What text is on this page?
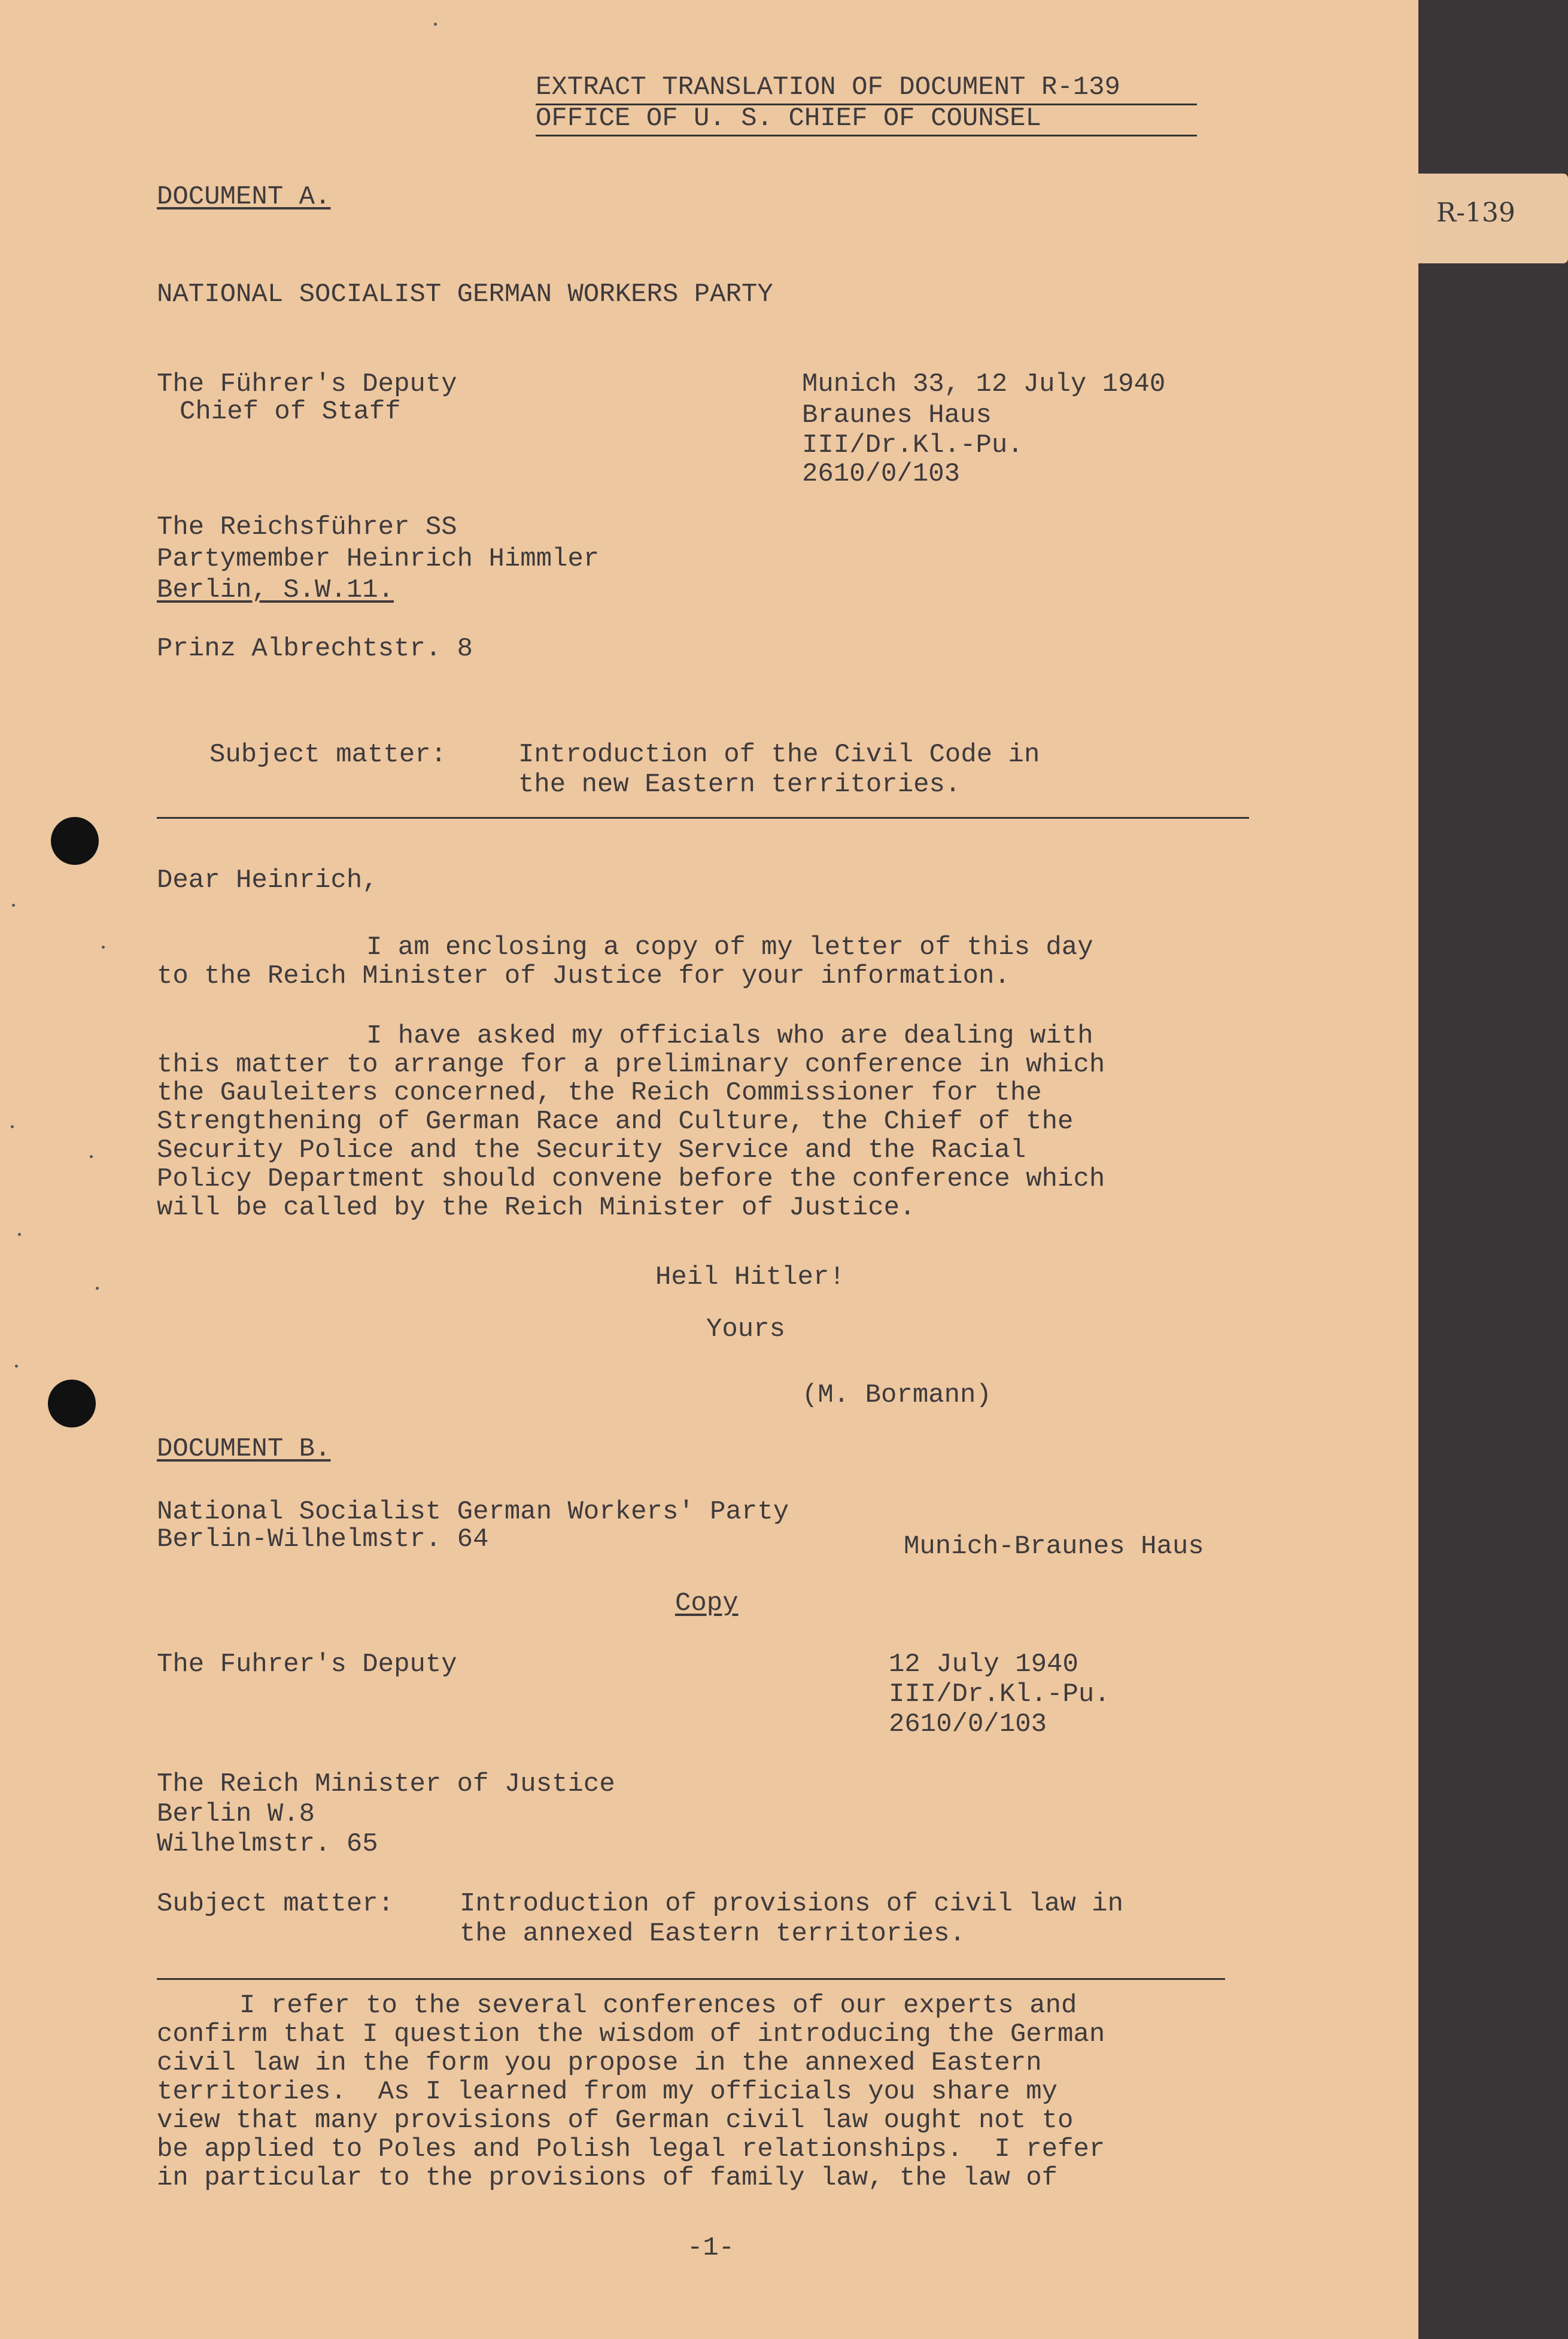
R-139
EXTRACT TRANSLATION OF DOCUMENT R-139
OFFICE OF U. S. CHIEF OF COUNSEL
DOCUMENT A.
NATIONAL SOCIALIST GERMAN WORKERS PARTY
The Führer's Deputy
Chief of Staff
Munich 33, 12 July 1940
Braunes Haus
III/Dr.Kl.-Pu.
2610/0/103
The Reichsführer SS
Partymember Heinrich Himmler
Berlin, S.W.11.
Prinz Albrechtstr. 8
Subject matter:	Introduction of the Civil Code in
the new Eastern territories.
Dear Heinrich,
I am enclosing a copy of my letter of this day
to the Reich Minister of Justice for your information.
I have asked my officials who are dealing with
this matter to arrange for a preliminary conference in which
the Gauleiters concerned, the Reich Commissioner for the
Strengthening of German Race and Culture, the Chief of the
Security Police and the Security Service and the Racial
Policy Department should convene before the conference which
will be called by the Reich Minister of Justice.
Heil Hitler!
Yours
(M. Bormann)
DOCUMENT B.
National Socialist German Workers' Party
Berlin-Wilhelmstr. 64	Munich-Braunes Haus
Copy
The Fuhrer's Deputy	12 July 1940
III/Dr.Kl.-Pu.
2610/0/103
The Reich Minister of Justice
Berlin W.8
Wilhelmstr. 65
Subject matter: Introduction of provisions of civil law in
the annexed Eastern territories.
I refer to the several conferences of our experts and
confirm that I question the wisdom of introducing the German
civil law in the form you propose in the annexed Eastern
territories.  As I learned from my officials you share my
view that many provisions of German civil law ought not to
be applied to Poles and Polish legal relationships.  I refer
in particular to the provisions of family law, the law of
-1-
